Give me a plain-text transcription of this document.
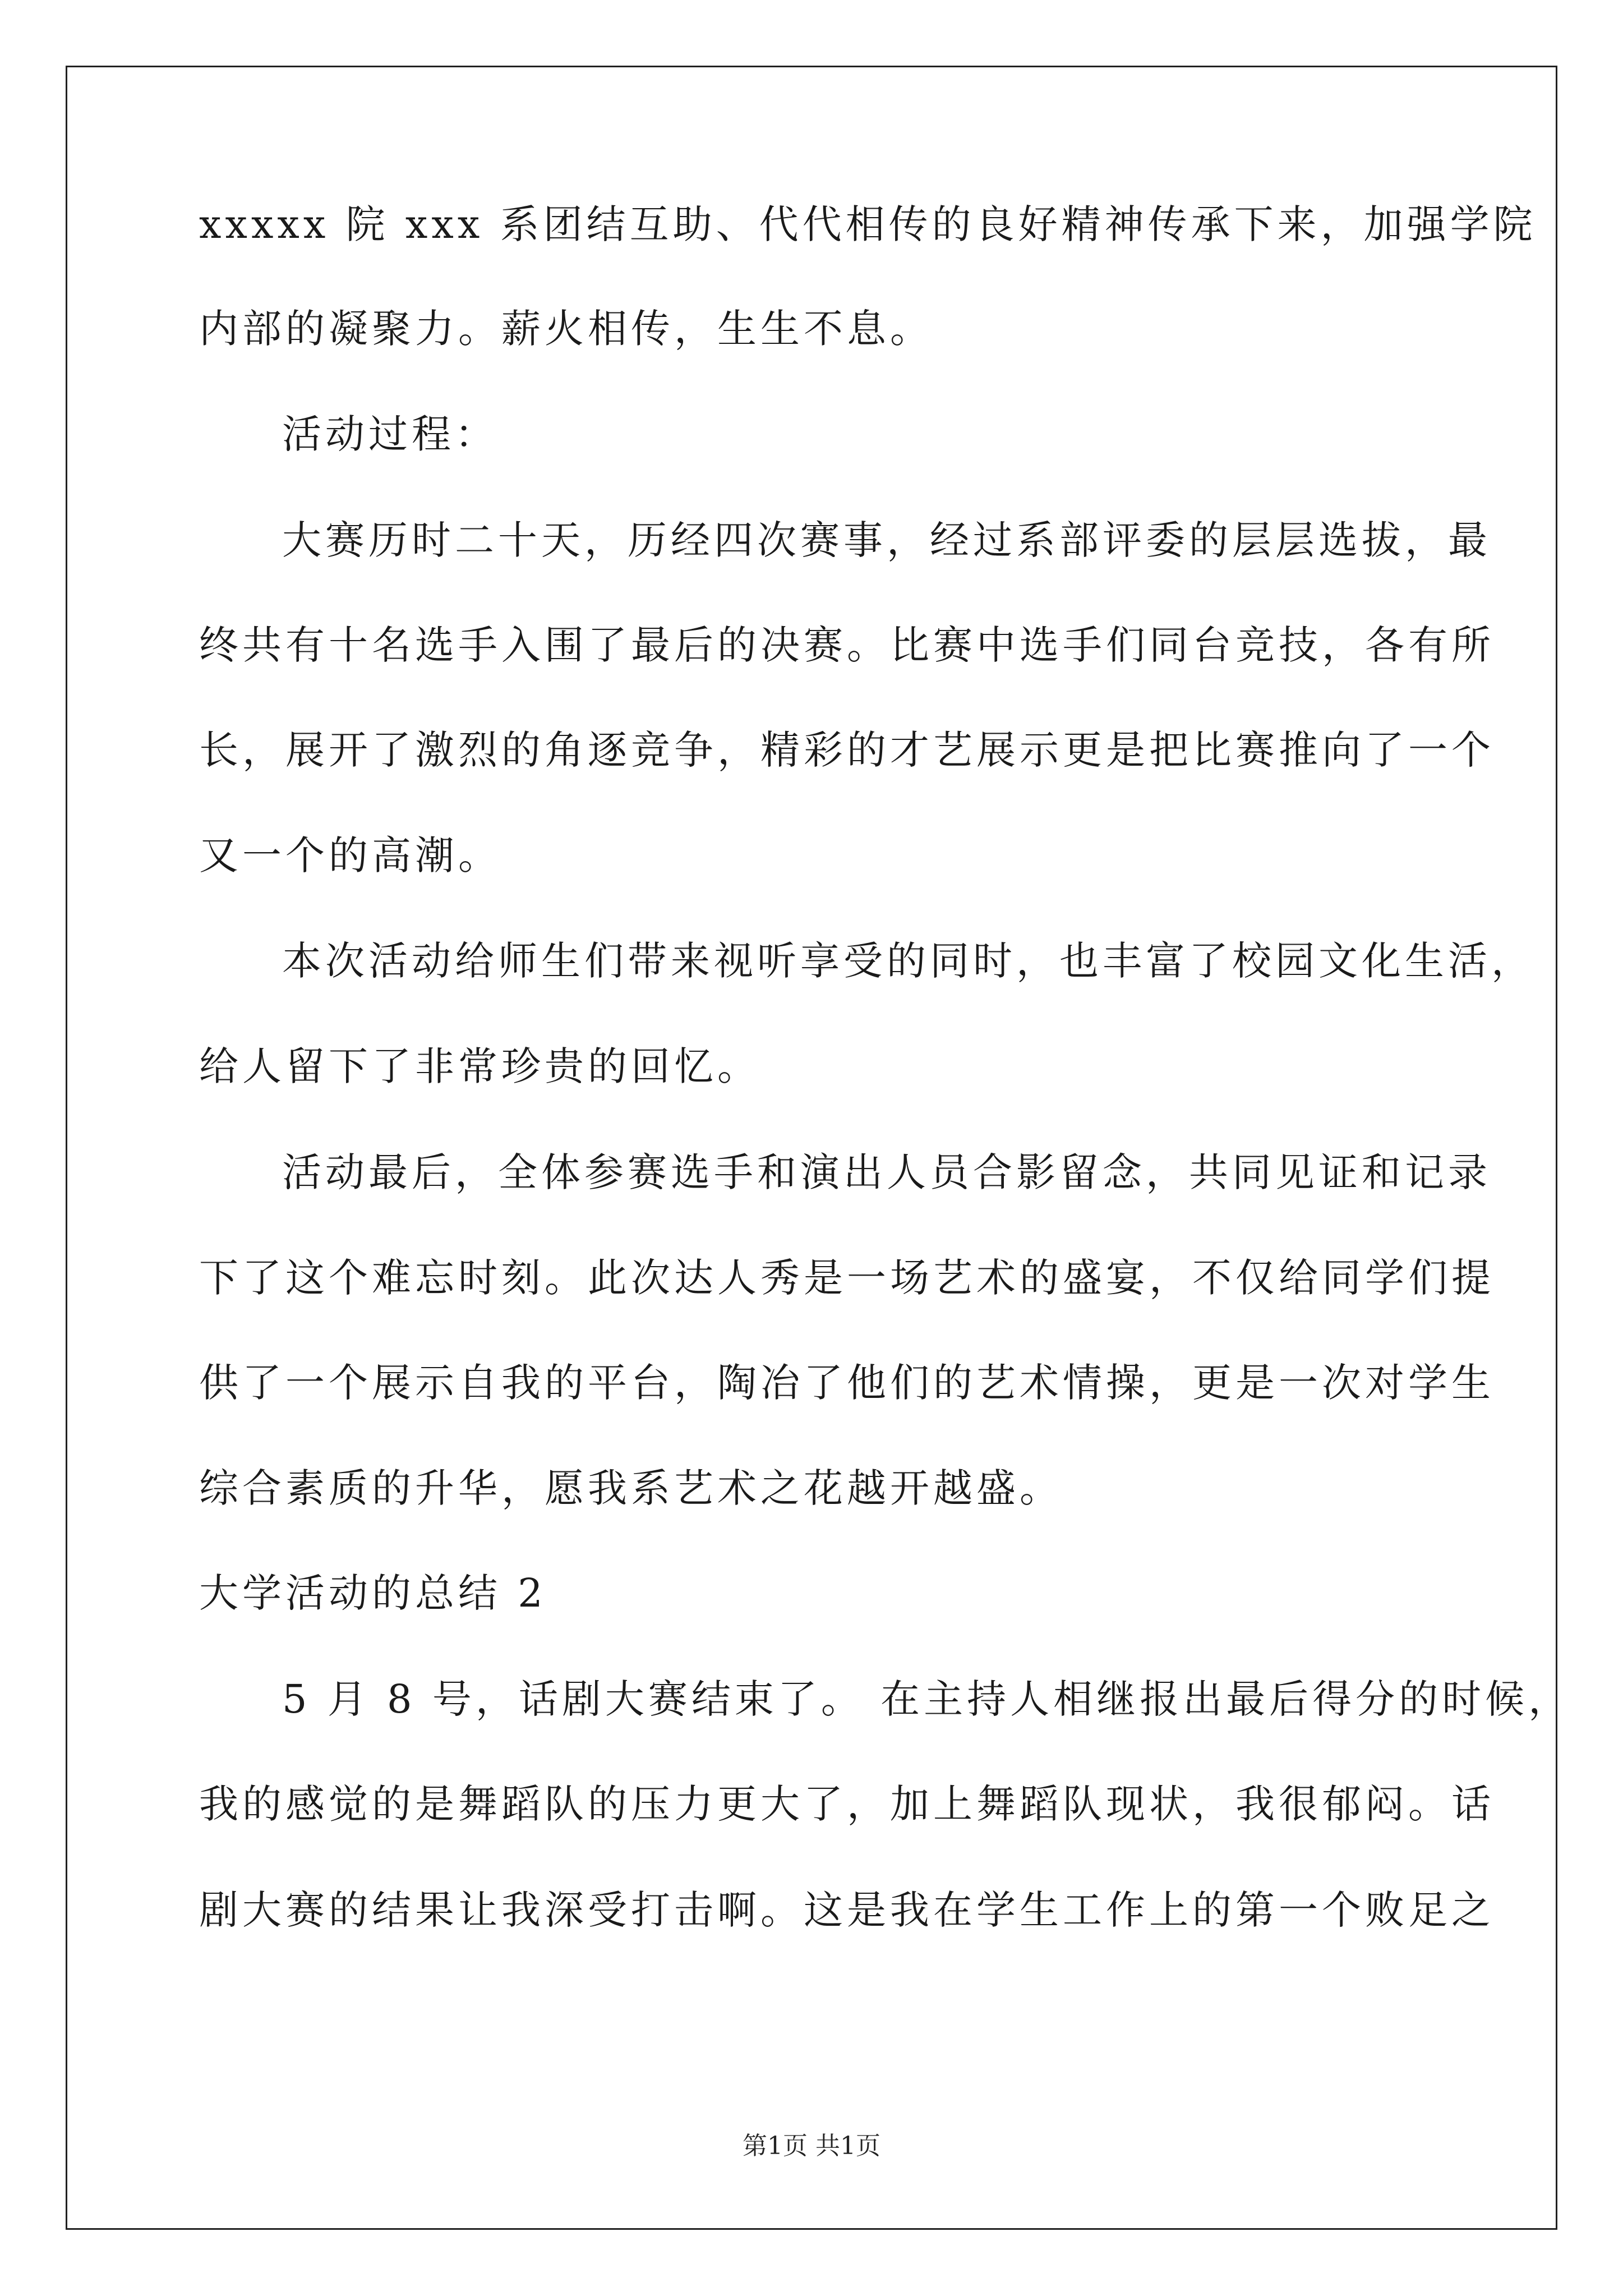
xxxxx 院 xxx 系团结互助、代代相传的良好精神传承下来，加强学院
内部的凝聚力。薪火相传，生生不息。
活动过程：
大赛历时二十天，历经四次赛事，经过系部评委的层层选拔，最
终共有十名选手入围了最后的决赛。比赛中选手们同台竞技，各有所
长，展开了激烈的角逐竞争，精彩的才艺展示更是把比赛推向了一个
又一个的高潮。
本次活动给师生们带来视听享受的同时，也丰富了校园文化生活，
给人留下了非常珍贵的回忆。
活动最后，全体参赛选手和演出人员合影留念，共同见证和记录
下了这个难忘时刻。此次达人秀是一场艺术的盛宴，不仅给同学们提
供了一个展示自我的平台，陶冶了他们的艺术情操，更是一次对学生
综合素质的升华，愿我系艺术之花越开越盛。
大学活动的总结 2
5 月 8 号，话剧大赛结束了。 在主持人相继报出最后得分的时候，
我的感觉的是舞蹈队的压力更大了，加上舞蹈队现状，我很郁闷。话
剧大赛的结果让我深受打击啊。这是我在学生工作上的第一个败足之
第1页 共1页
